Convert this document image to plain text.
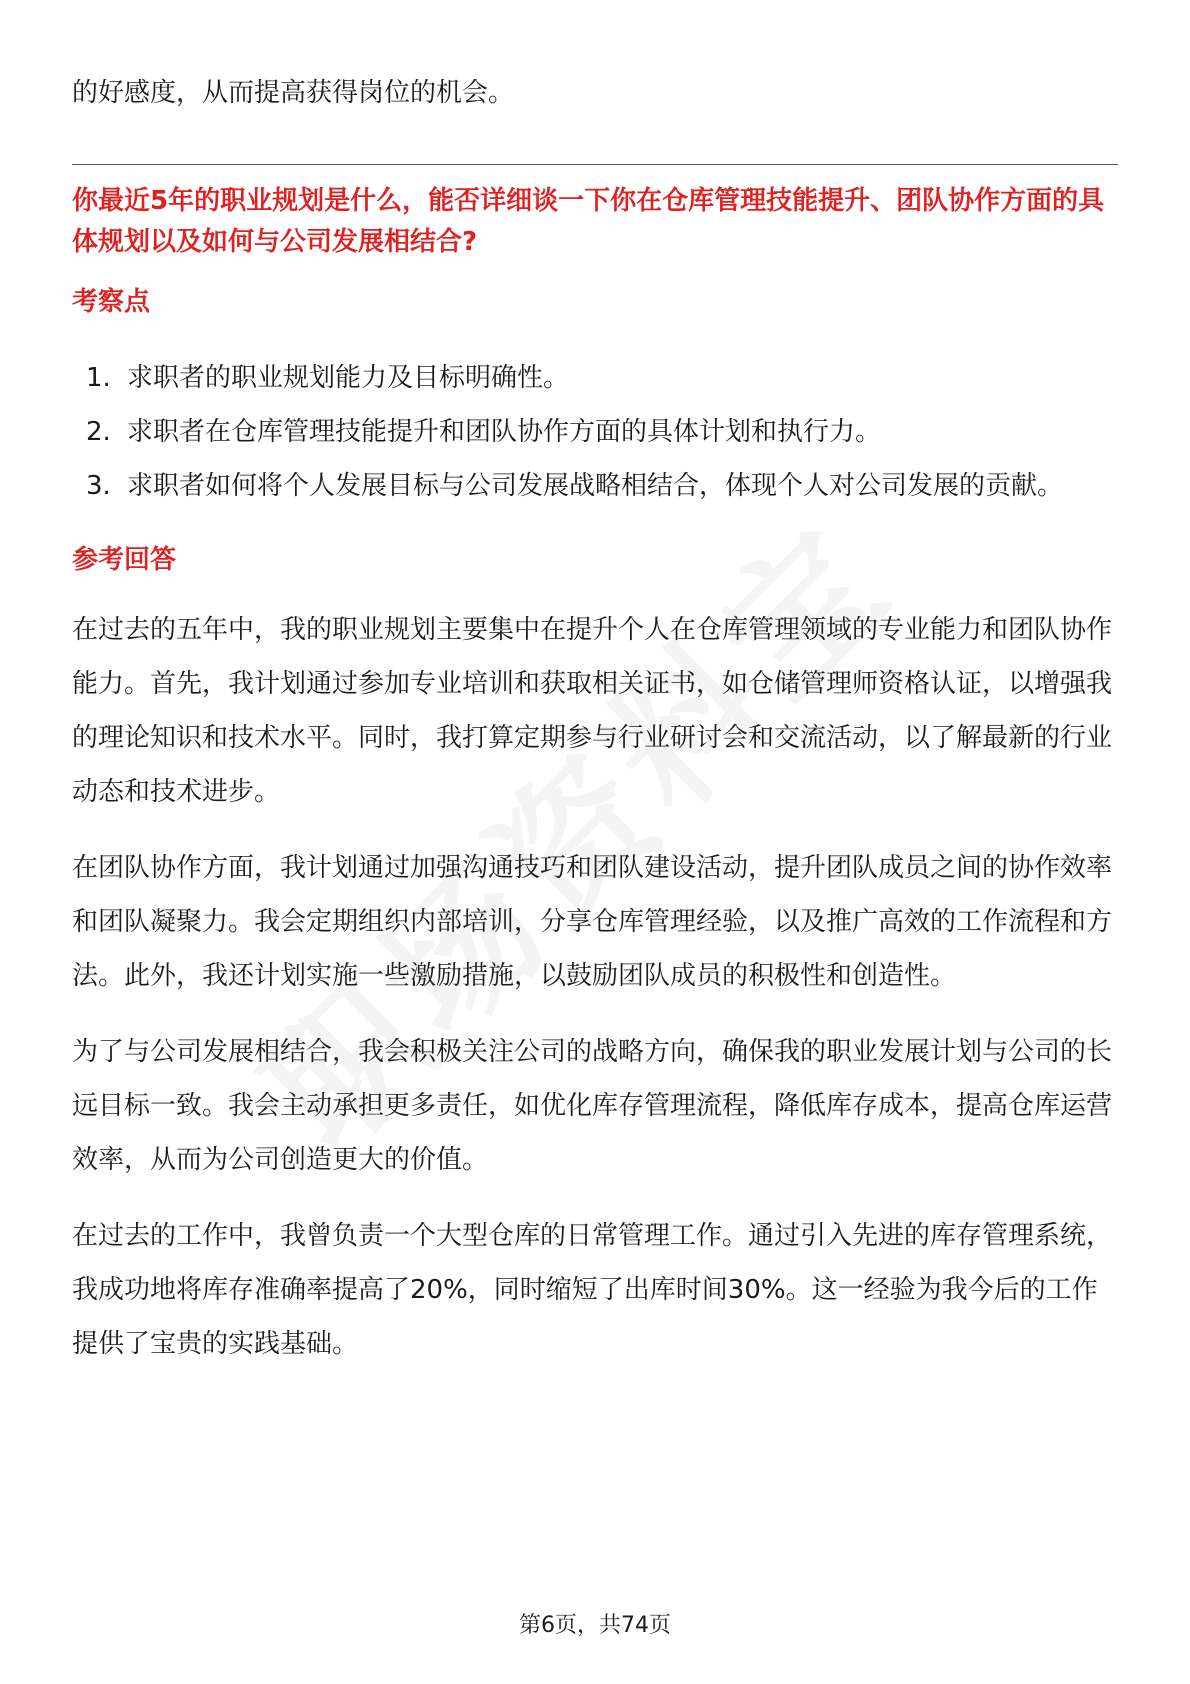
的好感度，从而提高获得岗位的机会。

你最近5年的职业规划是什么，能否详细谈一下你在仓库管理技能提升、团队协作方面的具体规划以及如何与公司发展相结合?

考察点

1. 求职者的职业规划能力及目标明确性。
2. 求职者在仓库管理技能提升和团队协作方面的具体计划和执行力。
3. 求职者如何将个人发展目标与公司发展战略相结合，体现个人对公司发展的贡献。

参考回答

在过去的五年中，我的职业规划主要集中在提升个人在仓库管理领域的专业能力和团队协作能力。首先，我计划通过参加专业培训和获取相关证书，如仓储管理师资格认证，以增强我的理论知识和技术水平。同时，我打算定期参与行业研讨会和交流活动，以了解最新的行业动态和技术进步。

在团队协作方面，我计划通过加强沟通技巧和团队建设活动，提升团队成员之间的协作效率和团队凝聚力。我会定期组织内部培训，分享仓库管理经验，以及推广高效的工作流程和方法。此外，我还计划实施一些激励措施，以鼓励团队成员的积极性和创造性。

为了与公司发展相结合，我会积极关注公司的战略方向，确保我的职业发展计划与公司的长远目标一致。我会主动承担更多责任，如优化库存管理流程，降低库存成本，提高仓库运营效率，从而为公司创造更大的价值。

在过去的工作中，我曾负责一个大型仓库的日常管理工作。通过引入先进的库存管理系统，我成功地将库存准确率提高了20%，同时缩短了出库时间30%。这一经验为我今后的工作提供了宝贵的实践基础。

第6页，共74页
